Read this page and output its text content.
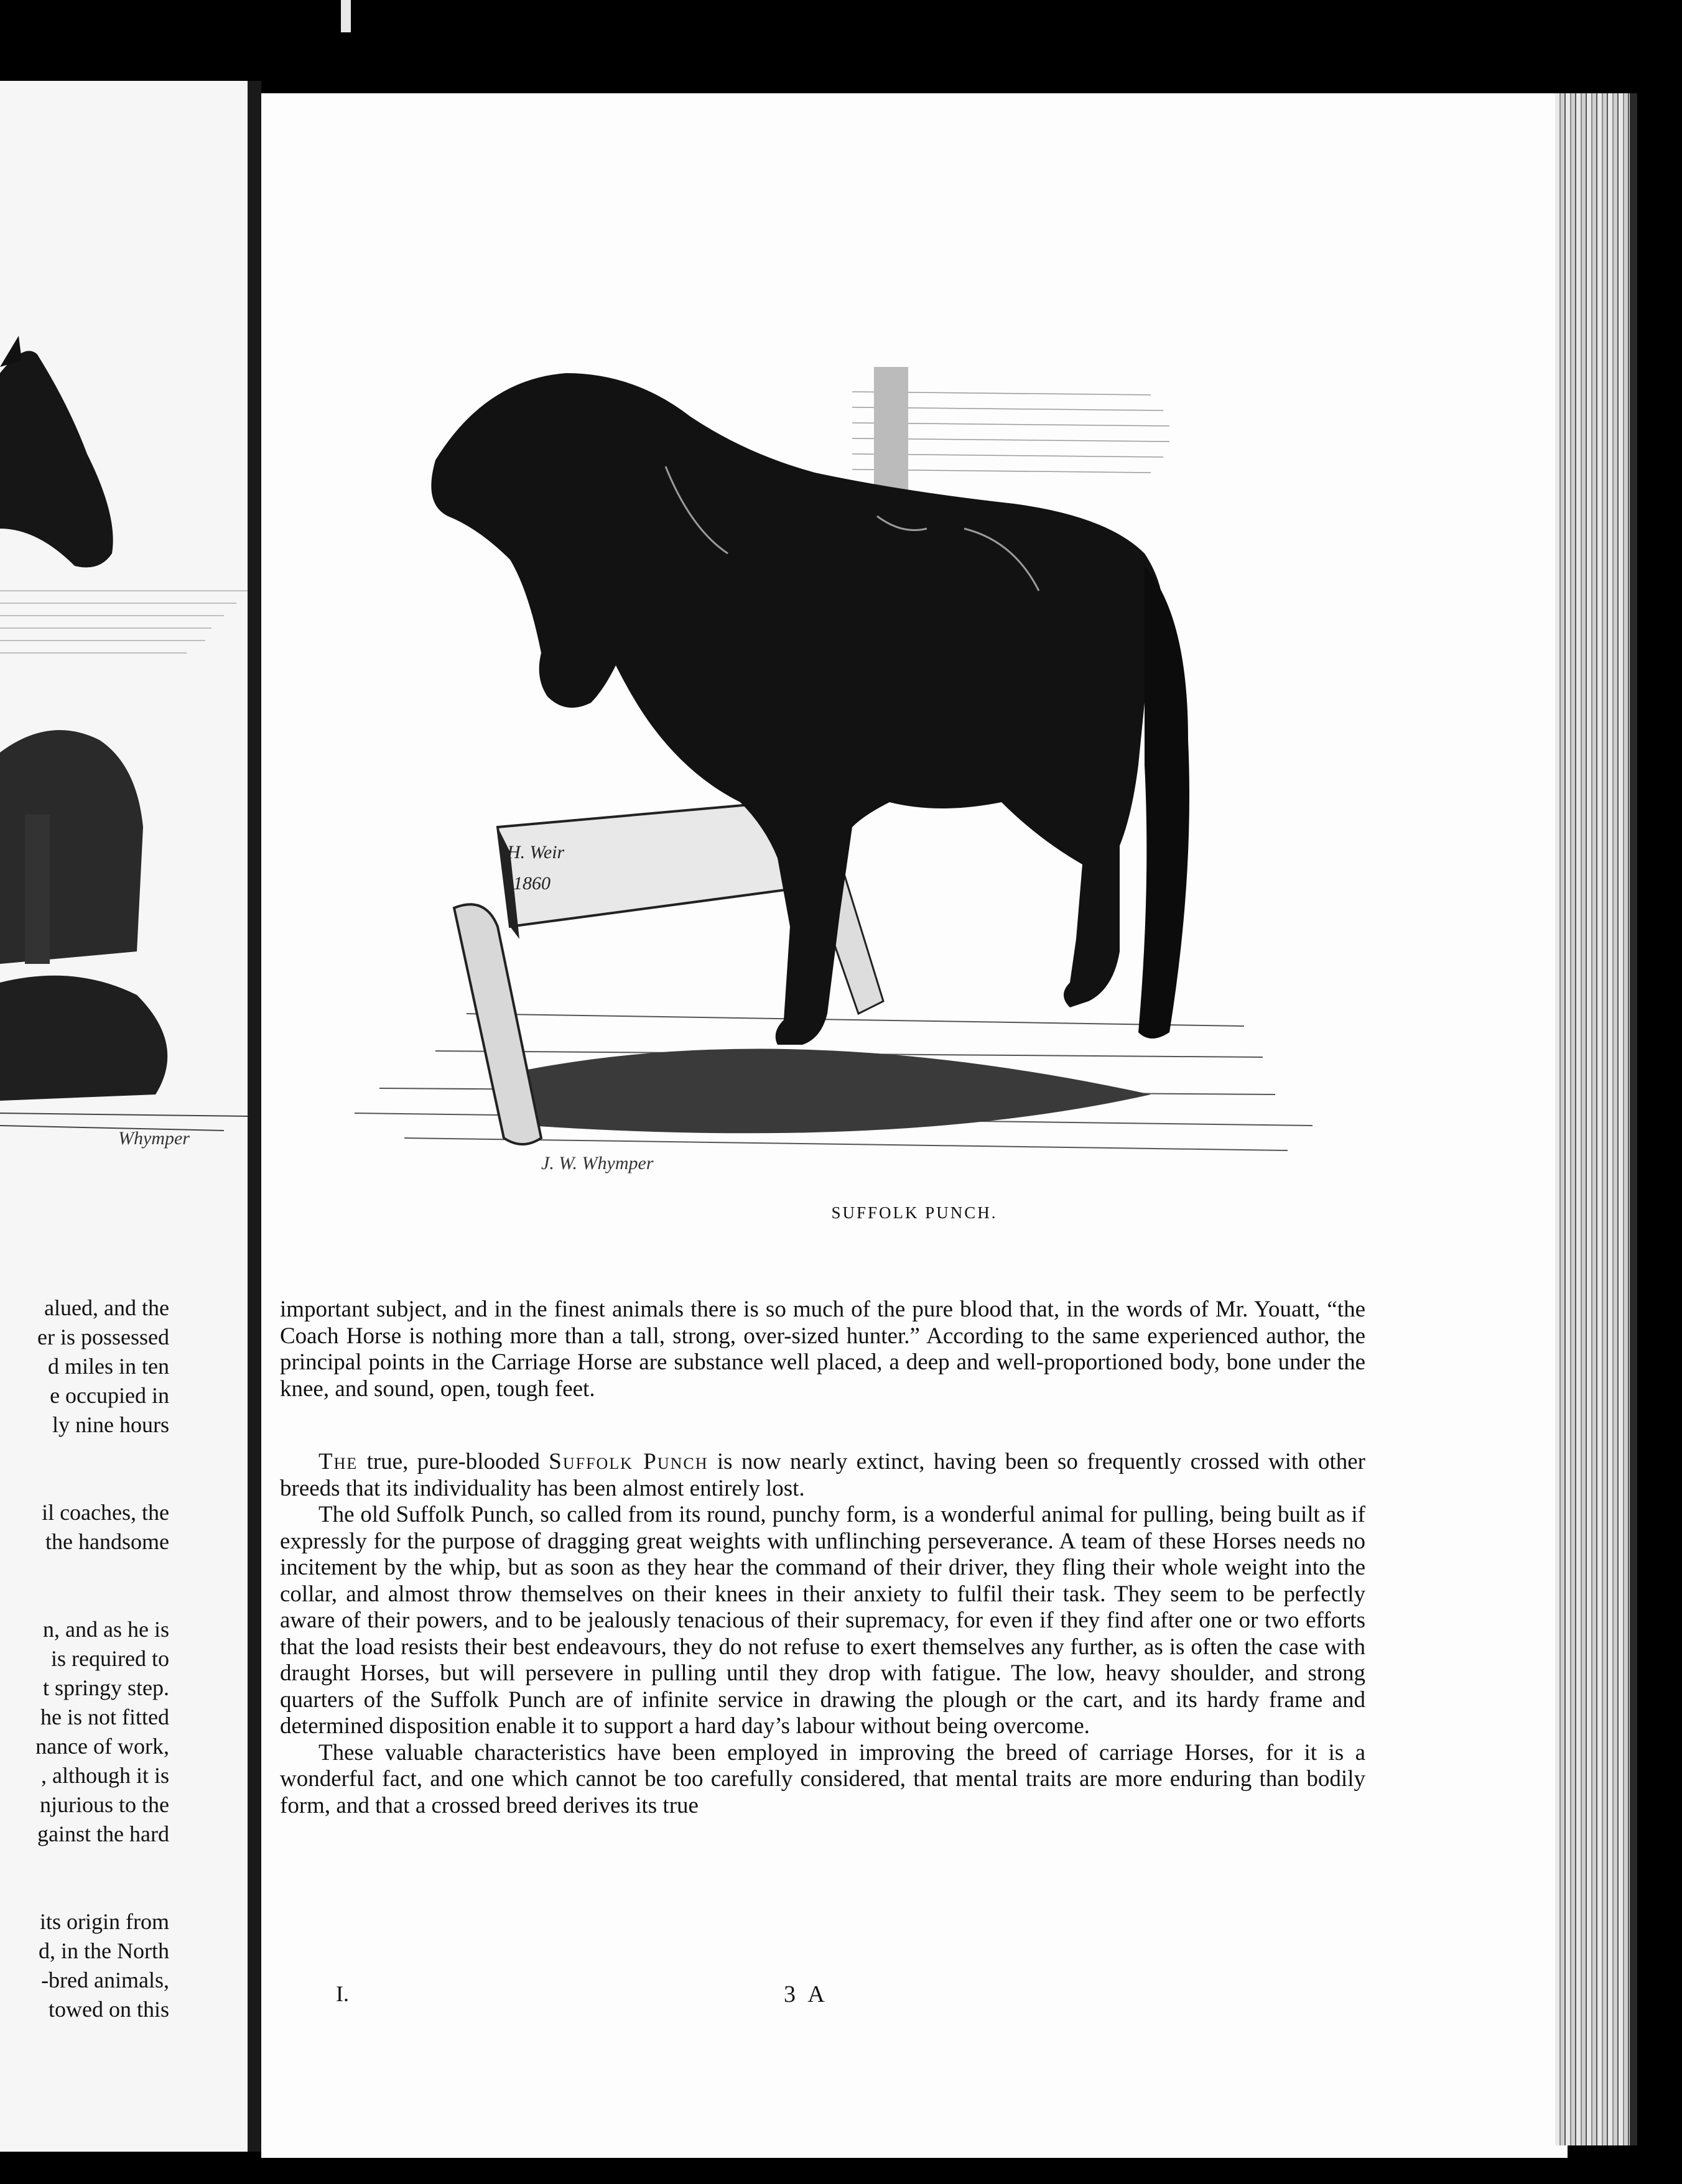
Whymper

alued, and the

er is possessed

d miles in ten

e occupied in

ly nine hours

il coaches, the

the handsome

n, and as he is

is required to

t springy step.

he is not fitted

nance of work,

, although it is

njurious to the

gainst the hard

its origin from

d, in the North

-bred animals,

towed on this

H. Weir
1860
J. W. Whymper
SUFFOLK PUNCH.

important subject, and in the finest animals there is so much of the pure blood that, in the words of Mr. Youatt, “the Coach Horse is nothing more than a tall, strong, over-sized hunter.” According to the same experienced author, the principal points in the Carriage Horse are substance well placed, a deep and well-proportioned body, bone under the knee, and sound, open, tough feet.

The true, pure-blooded Suffolk Punch is now nearly extinct, having been so frequently crossed with other breeds that its individuality has been almost entirely lost.

The old Suffolk Punch, so called from its round, punchy form, is a wonderful animal for pulling, being built as if expressly for the purpose of dragging great weights with unflinching perseverance. A team of these Horses needs no incitement by the whip, but as soon as they hear the command of their driver, they fling their whole weight into the collar, and almost throw themselves on their knees in their anxiety to fulfil their task. They seem to be perfectly aware of their powers, and to be jealously tenacious of their supremacy, for even if they find after one or two efforts that the load resists their best endeavours, they do not refuse to exert themselves any further, as is often the case with draught Horses, but will persevere in pulling until they drop with fatigue. The low, heavy shoulder, and strong quarters of the Suffolk Punch are of infinite service in drawing the plough or the cart, and its hardy frame and determined disposition enable it to support a hard day’s labour without being overcome.

These valuable characteristics have been employed in improving the breed of carriage Horses, for it is a wonderful fact, and one which cannot be too carefully considered, that mental traits are more enduring than bodily form, and that a crossed breed derives its true

I.	3 A
